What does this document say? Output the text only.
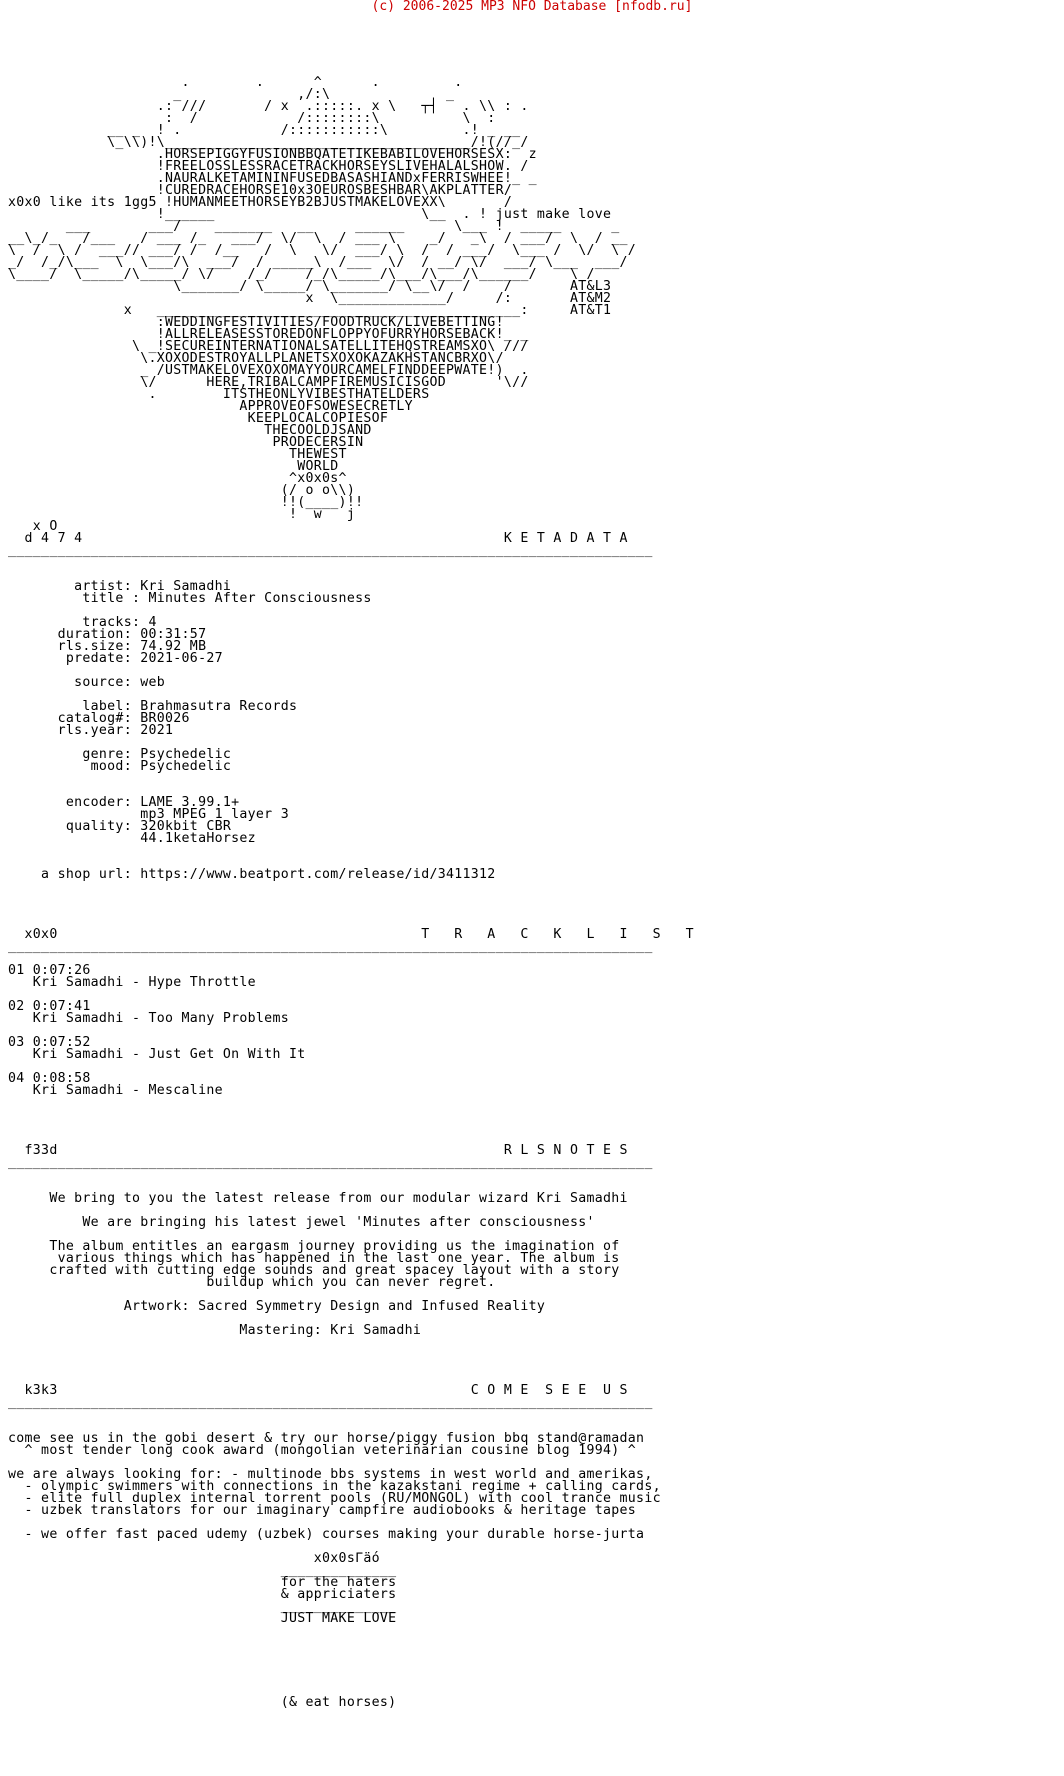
(c) 2006-2025 MP3 NFO Database [nfodb.ru]
.        .      ^      .         .
_              ,/:\              _
.: ///       / x  .:::::. x \   ┬┤   . \\ : .
:  /            /::::::::\          \  :
__ _  ! .            /:::::::::::\         .! _ __
\_\\)!\_____________________________________/!(//_/
.HORSEPIGGYFUSIONBBQATETIKEBABILOVEHORSESX:  z
!FREELOSSLESSRACETRACKHORSEYSLIVEHALALSHOW. /
.NAURALKETAMININFUSEDBASASHIANDxFERRISWHEE!_ _
!CUREDRACEHORSE10x3OEUROSBESHBAR\AKPLATTER/
x0x0 like its 1gg5 !HUMANMEETHORSEYB2BJUSTMAKELOVEXX\       /
!______                         \__  . ! just make love
___       ___/    _______   __     ______      \___ !  _____      _
__\_/_   /___   / ___ /_   ___/  \/  \  / ___ \    _/   _\  / ___/  \  / __
\  /  \ /  ___// ___/ /  /__   /  \   \/  ___/ \  /  / ___/  \___ /  \/  \ /
_/  /_/\___  \  \___/\  ___/  / _____\  /___  \/  / __/ \/  ___/ \___  ___/
\____/  \_____/\_____/ \/    /_/    /_/\_____/\___/\___/\______/    \_/
\_______/ \_____/ \_______/ \__\/  /    /       AT&L3
x  \_____________/     /:       AT&M2
x   ____________________________________________:     AT&T1
:WEDDINGFESTIVITIES/FOODTRUCK/LIVEBETTING!
!ALLRELEASESSTOREDONFLOPPYOFURRYHORSEBACK!_ _
\ _!SECUREINTERNATIONALSATELLITEHQSTREAMSXO\ ///
\.XOXODESTROYALLPLANETSXOXOKAZAKHSTANCBRXO\/
_ /USTMAKELOVEXOXOMAYYOURCAMELFINDDEEPWATE!)  .
\/      HERE,TRIBALCAMPFIREMUSICISGOD      '\//
.        ITSTHEONLYVIBESTHATELDERS
APPROVEOFSOWESECRETLY
KEEPLOCALCOPIESOF
THECOOLDJSAND
PRODECERSIN
THEWEST
WORLD
^x0x0s^
(/ o o\\)
!!(____)!!
!  w   j
x O
d 4 7 4                                                   K E T A D A T A
______________________________________________________________________________

artist: Kri Samadhi
title : Minutes After Consciousness

tracks: 4
duration: 00:31:57
rls.size: 74.92 MB
predate: 2021-06-27

source: web

label: Brahmasutra Records
catalog#: BR0026
rls.year: 2021

genre: Psychedelic
mood: Psychedelic

encoder: LAME 3.99.1+
mp3 MPEG 1 layer 3
quality: 320kbit CBR
44.1ketaHorsez

a shop url: https://www.beatport.com/release/id/3411312

x0x0                                            T   R   A   C   K   L   I   S   T
______________________________________________________________________________

01 0:07:26
Kri Samadhi - Hype Throttle

02 0:07:41
Kri Samadhi - Too Many Problems

03 0:07:52
Kri Samadhi - Just Get On With It

04 0:08:58
Kri Samadhi - Mescaline

f33d                                                      R L S N O T E S
______________________________________________________________________________

We bring to you the latest release from our modular wizard Kri Samadhi

We are bringing his latest jewel 'Minutes after consciousness'

The album entitles an eargasm journey providing us the imagination of
various things which has happened in the last one year. The album is
crafted with cutting edge sounds and great spacey layout with a story
buildup which you can never regret.

Artwork: Sacred Symmetry Design and Infused Reality

Mastering: Kri Samadhi

k3k3                                                  C O M E  S E E  U S
______________________________________________________________________________

come see us in the gobi desert & try our horse/piggy fusion bbq stand@ramadan
^ most tender long cook award (mongolian veterinarian cousine blog 1994) ^

we are always looking for: - multinode bbs systems in west world and amerikas,
- olympic swimmers with connections in the kazakstani regime + calling cards,
- elite full duplex internal torrent pools (RU/MONGOL) with cool trance music
- uzbek translators for our imaginary campfire audiobooks & heritage tapes

- we offer fast paced udemy (uzbek) courses making your durable horse-jurta

x0x0sΓäó
______________
for the haters
& appriciaters
______________
JUST MAKE LOVE

(& eat horses)
